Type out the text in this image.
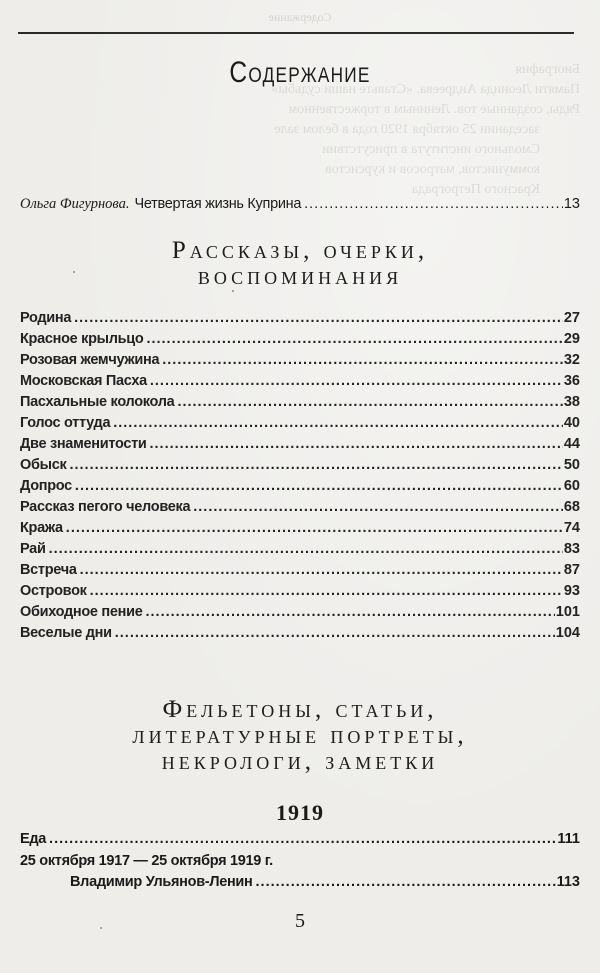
Биография
Памяти Леонида Андреева. «Ставьте наши судьбы»
Ряды, созданные тов. Лениным в торжественном
заседании 25 октября 1920 года в белом зале
Смольного института в присутствии
коммунистов, матросов и курсистов
Красного Петрограда
Содержание
Содержание
Ольга Фигурнова. Четвертая жизнь Куприна .....	13
Рассказы, очерки,
воспоминания
Родина .....	27
Красное крыльцо .....	29
Розовая жемчужина .....	32
Московская Пасха .....	36
Пасхальные колокола .....	38
Голос оттуда .....	40
Две знаменитости .....	44
Обыск .....	50
Допрос .....	60
Рассказ пегого человека .....	68
Кража .....	74
Рай .....	83
Встреча .....	87
Островок .....	93
Обиходное пение .....	101
Веселые дни .....	104
Фельетоны, статьи,
литературные портреты,
некрологи, заметки
1919
Еда .....	111
25 октября 1917 — 25 октября 1919 г.
Владимир Ульянов-Ленин .....	113
5
